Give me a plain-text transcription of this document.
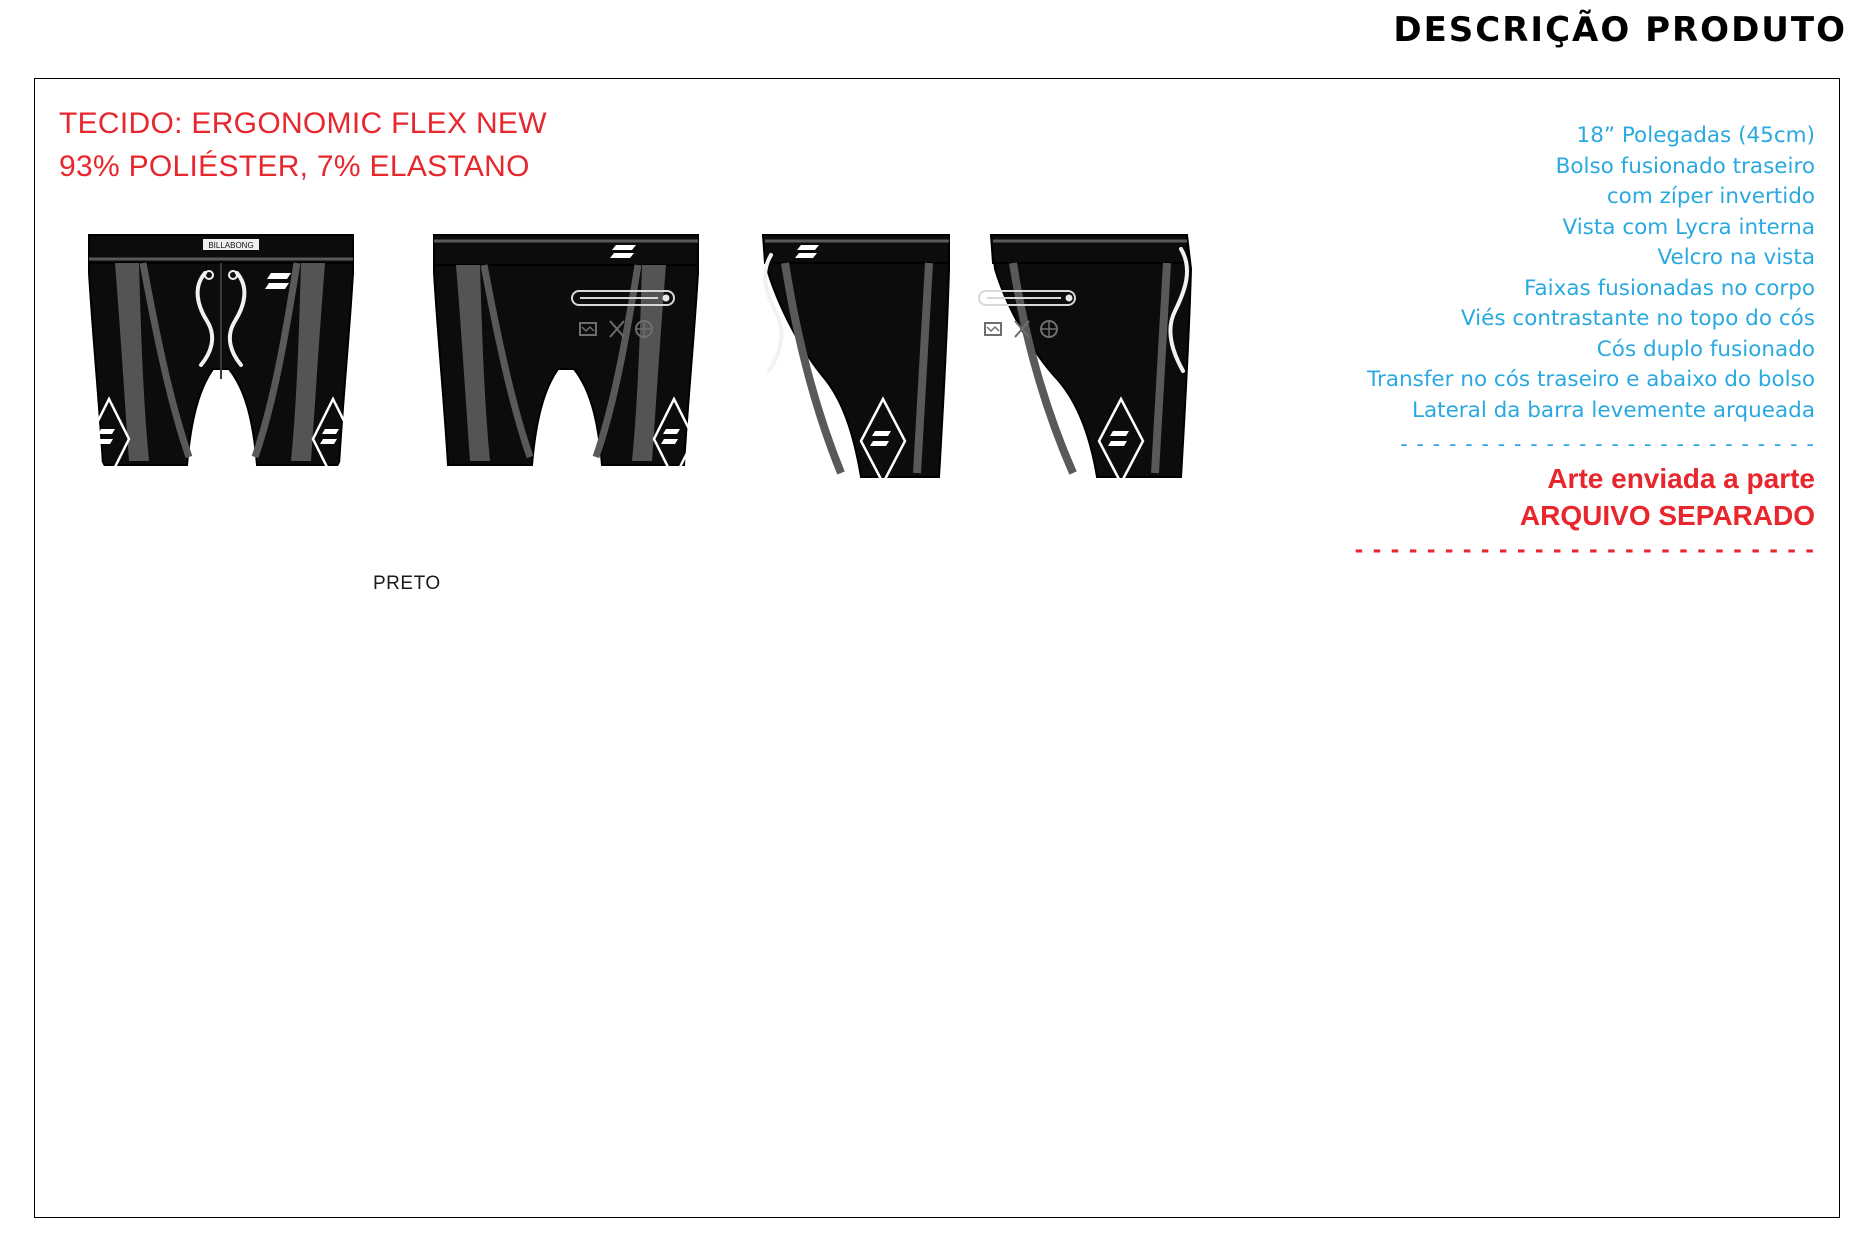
DESCRIÇÃO PRODUTO
TECIDO: ERGONOMIC FLEX NEW
93% POLIÉSTER, 7% ELASTANO
18” Polegadas (45cm)
Bolso fusionado traseiro
com zíper invertido
Vista com Lycra interna
Velcro na vista
Faixas fusionadas no corpo
Viés contrastante no topo do cós
Cós duplo fusionado
Transfer no cós traseiro e abaixo do bolso
Lateral da barra levemente arqueada
- - - - - - - - - - - - - - - - - - - - - - - - - -
Arte enviada a parte
ARQUIVO SEPARADO
- - - - - - - - - - - - - - - - - - - - - - - - - -
PRETO
BILLABONG
